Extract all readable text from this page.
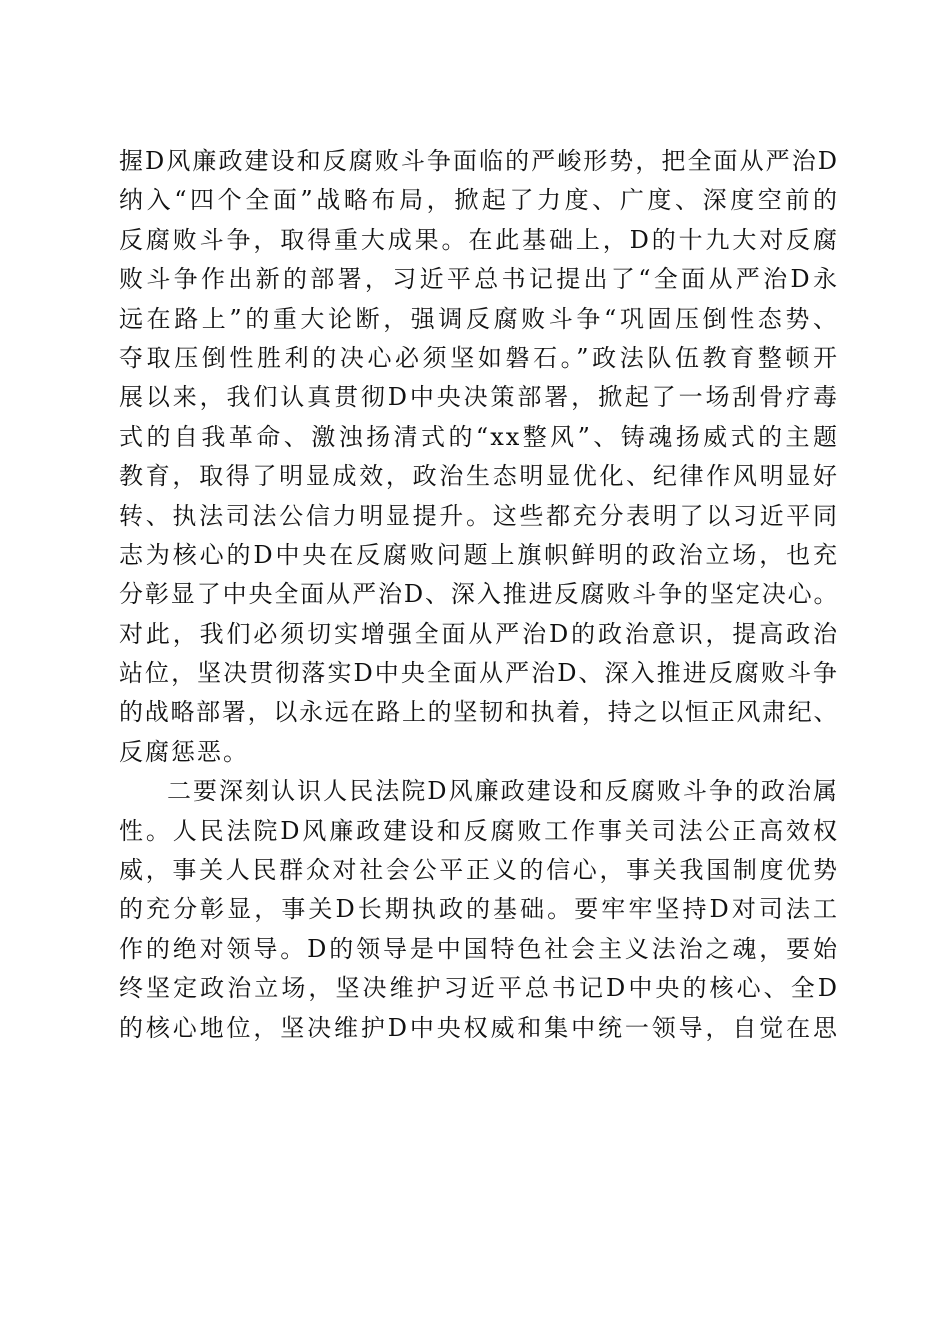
握D风廉政建设和反腐败斗争面临的严峻形势，把全面从严治D
纳入“四个全面”战略布局，掀起了力度、广度、深度空前的
反腐败斗争，取得重大成果。在此基础上，D的十九大对反腐
败斗争作出新的部署，习近平总书记提出了“全面从严治D永
远在路上”的重大论断，强调反腐败斗争“巩固压倒性态势、
夺取压倒性胜利的决心必须坚如磐石。”政法队伍教育整顿开
展以来，我们认真贯彻D中央决策部署，掀起了一场刮骨疗毒
式的自我革命、激浊扬清式的“xx整风”、铸魂扬威式的主题
教育，取得了明显成效，政治生态明显优化、纪律作风明显好
转、执法司法公信力明显提升。这些都充分表明了以习近平同
志为核心的D中央在反腐败问题上旗帜鲜明的政治立场，也充
分彰显了中央全面从严治D、深入推进反腐败斗争的坚定决心。
对此，我们必须切实增强全面从严治D的政治意识，提高政治
站位，坚决贯彻落实D中央全面从严治D、深入推进反腐败斗争
的战略部署，以永远在路上的坚韧和执着，持之以恒正风肃纪、
反腐惩恶。
二要深刻认识人民法院D风廉政建设和反腐败斗争的政治属
性。人民法院D风廉政建设和反腐败工作事关司法公正高效权
威，事关人民群众对社会公平正义的信心，事关我国制度优势
的充分彰显，事关D长期执政的基础。要牢牢坚持D对司法工
作的绝对领导。D的领导是中国特色社会主义法治之魂，要始
终坚定政治立场，坚决维护习近平总书记D中央的核心、全D
的核心地位，坚决维护D中央权威和集中统一领导，自觉在思
